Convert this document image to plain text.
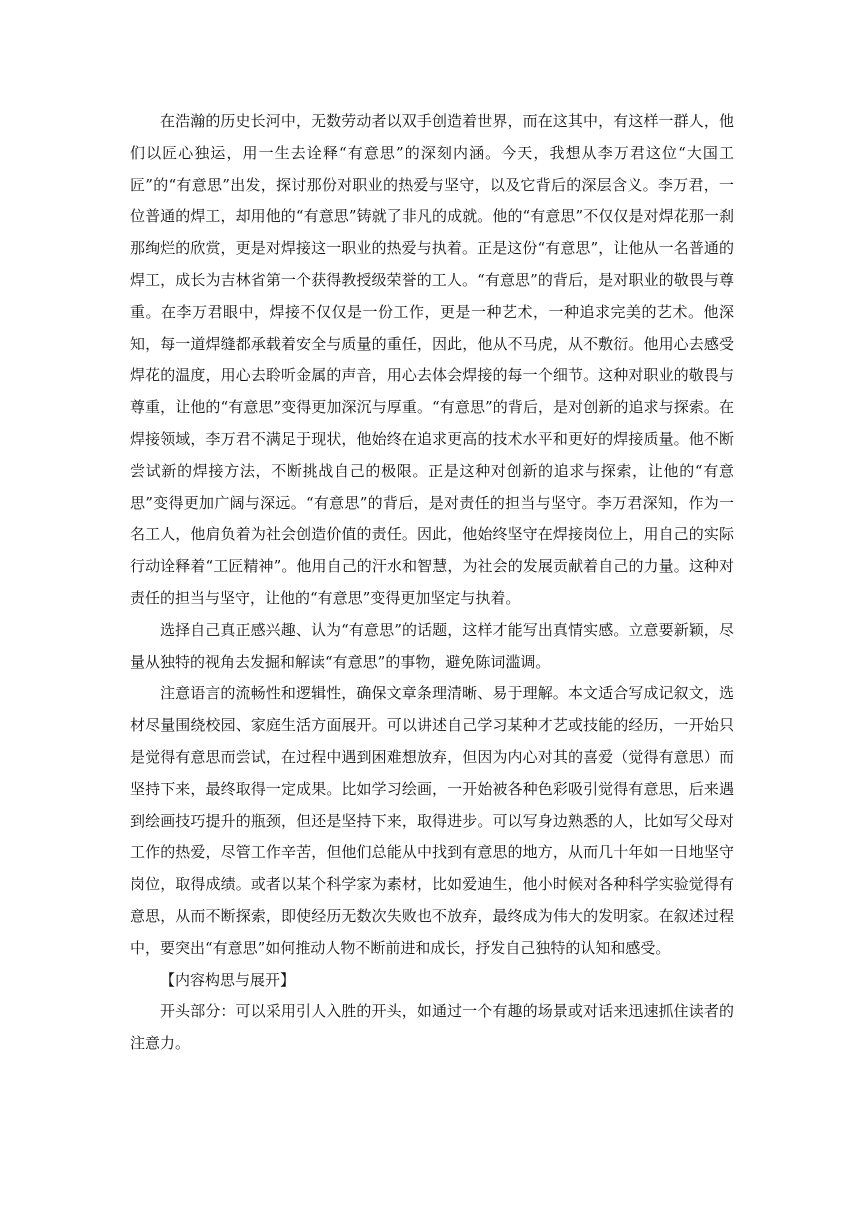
在浩瀚的历史长河中，无数劳动者以双手创造着世界，而在这其中，有这样一群人，他们以匠心独运，用一生去诠释“有意思”的深刻内涵。今天，我想从李万君这位“大国工匠”的“有意思”出发，探讨那份对职业的热爱与坚守，以及它背后的深层含义。李万君，一位普通的焊工，却用他的“有意思”铸就了非凡的成就。他的“有意思”不仅仅是对焊花那一刹那绚烂的欣赏，更是对焊接这一职业的热爱与执着。正是这份“有意思”，让他从一名普通的焊工，成长为吉林省第一个获得教授级荣誉的工人。“有意思”的背后，是对职业的敬畏与尊重。在李万君眼中，焊接不仅仅是一份工作，更是一种艺术，一种追求完美的艺术。他深知，每一道焊缝都承载着安全与质量的重任，因此，他从不马虎，从不敷衍。他用心去感受焊花的温度，用心去聆听金属的声音，用心去体会焊接的每一个细节。这种对职业的敬畏与尊重，让他的“有意思”变得更加深沉与厚重。“有意思”的背后，是对创新的追求与探索。在焊接领域，李万君不满足于现状，他始终在追求更高的技术水平和更好的焊接质量。他不断尝试新的焊接方法，不断挑战自己的极限。正是这种对创新的追求与探索，让他的“有意思”变得更加广阔与深远。“有意思”的背后，是对责任的担当与坚守。李万君深知，作为一名工人，他肩负着为社会创造价值的责任。因此，他始终坚守在焊接岗位上，用自己的实际行动诠释着“工匠精神”。他用自己的汗水和智慧，为社会的发展贡献着自己的力量。这种对责任的担当与坚守，让他的“有意思”变得更加坚定与执着。

选择自己真正感兴趣、认为“有意思”的话题，这样才能写出真情实感。立意要新颖，尽量从独特的视角去发掘和解读“有意思”的事物，避免陈词滥调。

注意语言的流畅性和逻辑性，确保文章条理清晰、易于理解。本文适合写成记叙文，选材尽量围绕校园、家庭生活方面展开。可以讲述自己学习某种才艺或技能的经历，一开始只是觉得有意思而尝试，在过程中遇到困难想放弃，但因为内心对其的喜爱（觉得有意思）而坚持下来，最终取得一定成果。比如学习绘画，一开始被各种色彩吸引觉得有意思，后来遇到绘画技巧提升的瓶颈，但还是坚持下来，取得进步。可以写身边熟悉的人，比如写父母对工作的热爱，尽管工作辛苦，但他们总能从中找到有意思的地方，从而几十年如一日地坚守岗位，取得成绩。或者以某个科学家为素材，比如爱迪生，他小时候对各种科学实验觉得有意思，从而不断探索，即使经历无数次失败也不放弃，最终成为伟大的发明家。在叙述过程中，要突出“有意思”如何推动人物不断前进和成长，抒发自己独特的认知和感受。

【内容构思与展开】

开头部分：可以采用引人入胜的开头，如通过一个有趣的场景或对话来迅速抓住读者的注意力。
